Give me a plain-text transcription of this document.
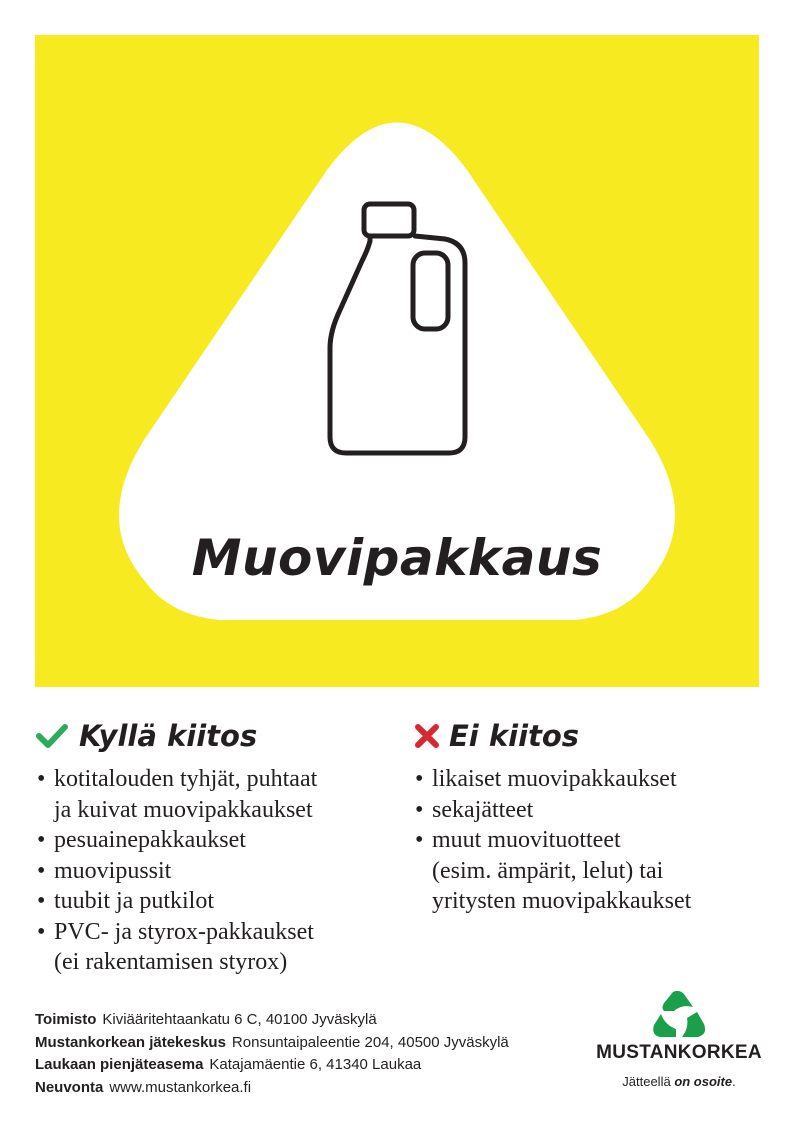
Muovipakkaus
Kyllä kiitos
• kotitalouden tyhjät, puhtaat
ja kuivat muovipakkaukset
• pesuainepakkaukset
• muovipussit
• tuubit ja putkilot
• PVC- ja styrox-pakkaukset
(ei rakentamisen styrox)
Ei kiitos
• likaiset muovipakkaukset
• sekajätteet
• muut muovituotteet
(esim. ämpärit, lelut) tai
yritysten muovipakkaukset
Toimisto Kiviääritehtaankatu 6 C, 40100 Jyväskylä
Mustankorkean jätekeskus Ronsuntaipaleentie 204, 40500 Jyväskylä
Laukaan pienjäteasema Katajamäentie 6, 41340 Laukaa
Neuvonta www.mustankorkea.fi
MUSTANKORKEA
Jätteellä on osoite.
